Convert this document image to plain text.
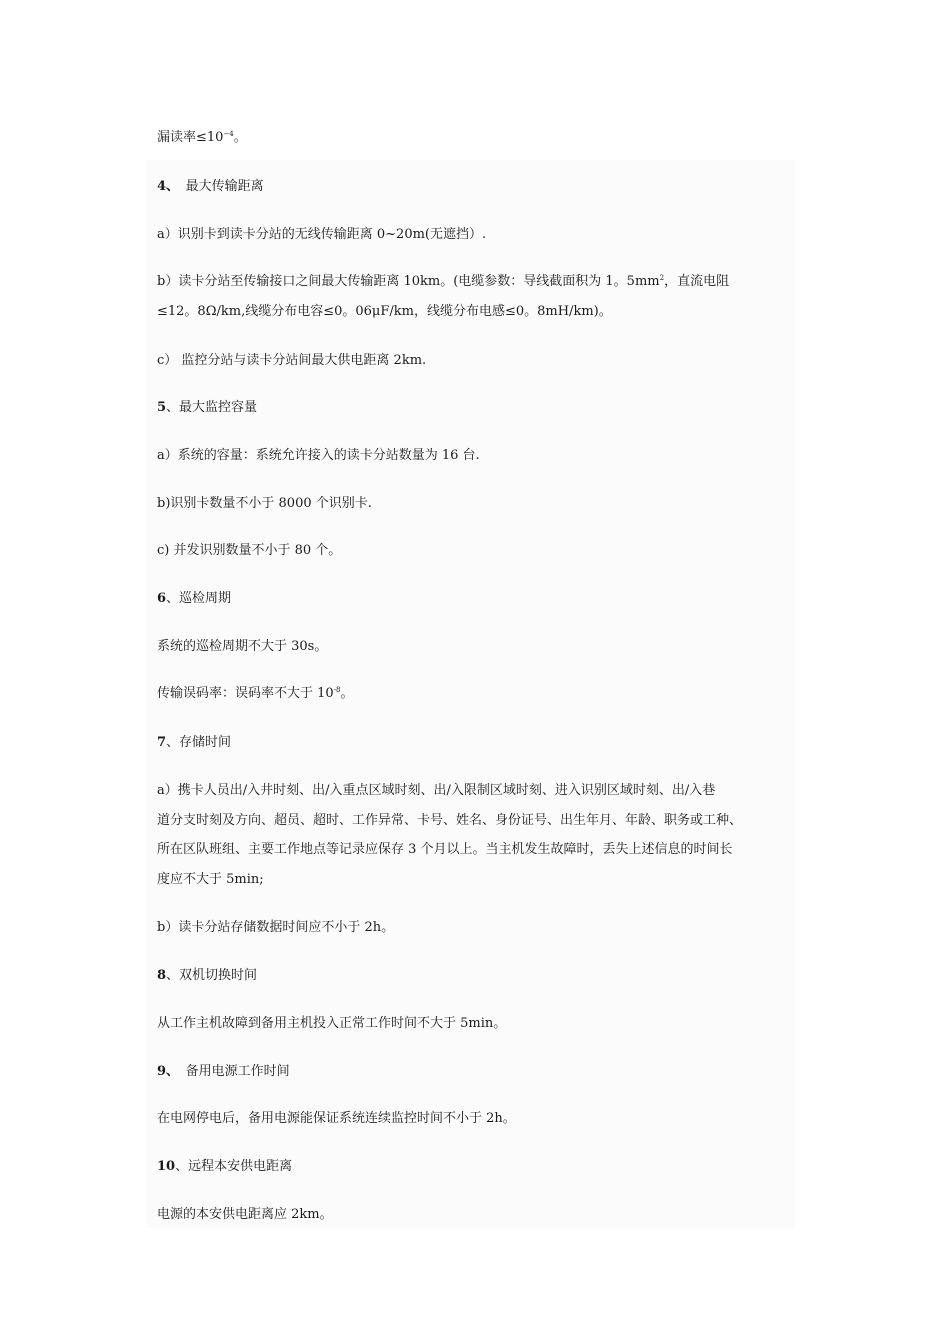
漏读率$\le 10^{-4}$。
4、　 最大传输距离
a）识别卡到读卡分站的无线传输距离 0~20m(无遮挡）.
b）读卡分站至传输接口之间最大传输距离 10km。(电缆参数：导线截面积为 1。$5mm^2$，直流电阻
≤12。8Ω/km,线缆分布电容≤0。06μF/km，线缆分布电感≤0。8mH/km)。
c） 监控分站与读卡分站间最大供电距离 2km.
5、最大监控容量
a）系统的容量：系统允许接入的读卡分站数量为 16 台.
b)识别卡数量不小于 8000 个识别卡.
c) 并发识别数量不小于 80 个。
6、巡检周期
系统的巡检周期不大于 30s。
传输误码率：误码率不大于 $10^{-8}$。
7、存储时间
a）携卡人员出/入井时刻、出/入重点区域时刻、出/入限制区域时刻、进入识别区域时刻、出/入巷
道分支时刻及方向、超员、超时、工作异常、卡号、姓名、身份证号、出生年月、年龄、职务或工种、
所在区队班组、主要工作地点等记录应保存 3 个月以上。当主机发生故障时，丢失上述信息的时间长
度应不大于 5min;
b）读卡分站存储数据时间应不小于 2h。
8、双机切换时间
从工作主机故障到备用主机投入正常工作时间不大于 5min。
9、　 备用电源工作时间
在电网停电后，备用电源能保证系统连续监控时间不小于 2h。
10、远程本安供电距离
电源的本安供电距离应 2km。
